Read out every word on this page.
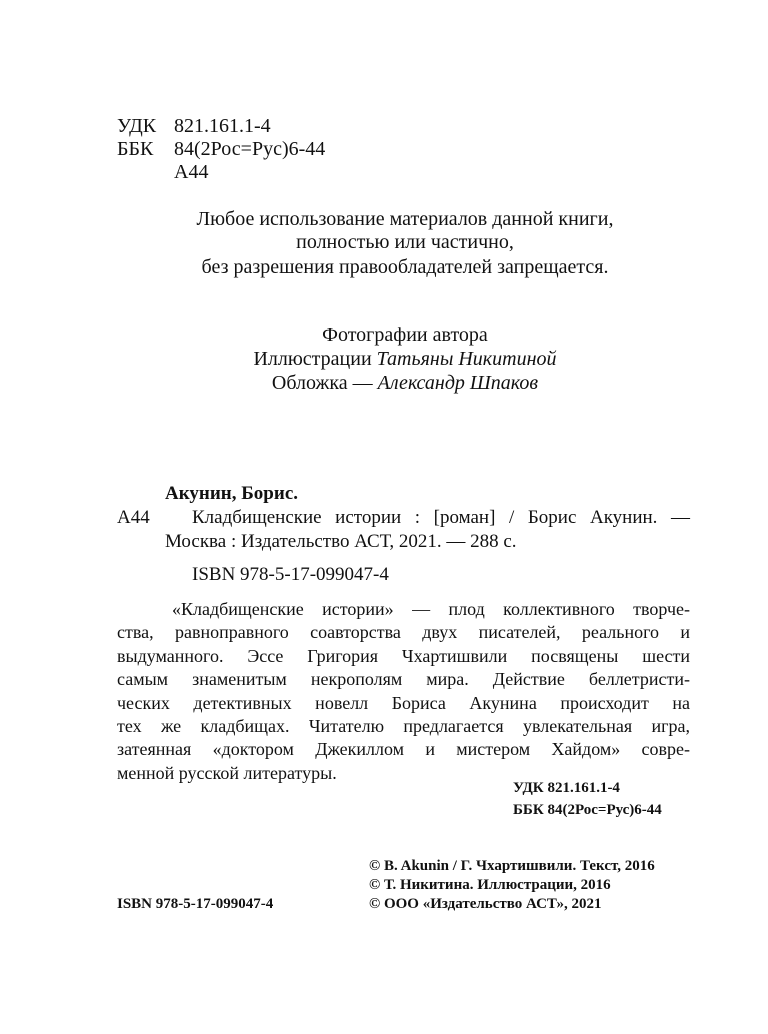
УДК 821.161.1-4
ББК 84(2Рос=Рус)6-44
А44
Любое использование материалов данной книги,
полностью или частично,
без разрешения правообладателей запрещается.
Фотографии автора
Иллюстрации Татьяны Никитиной
Обложка — Александр Шпаков
Акунин, Борис.
А44 Кладбищенские истории : [роман] / Борис Акунин. —
Москва : Издательство АСТ, 2021. — 288 с.
ISBN 978-5-17-099047-4
«Кладбищенские истории» — плод коллективного творче-
ства, равноправного соавторства двух писателей, реального и
выдуманного. Эссе Григория Чхартишвили посвящены шести
самым знаменитым некрополям мира. Действие беллетристи-
ческих детективных новелл Бориса Акунина происходит на
тех же кладбищах. Читателю предлагается увлекательная игра,
затеянная «доктором Джекиллом и мистером Хайдом» совре-
менной русской литературы.
УДК 821.161.1-4
ББК 84(2Рос=Рус)6-44
© B. Akunin / Г. Чхартишвили. Текст, 2016
© Т. Никитина. Иллюстрации, 2016
© ООО «Издательство АСТ», 2021
ISBN 978-5-17-099047-4
